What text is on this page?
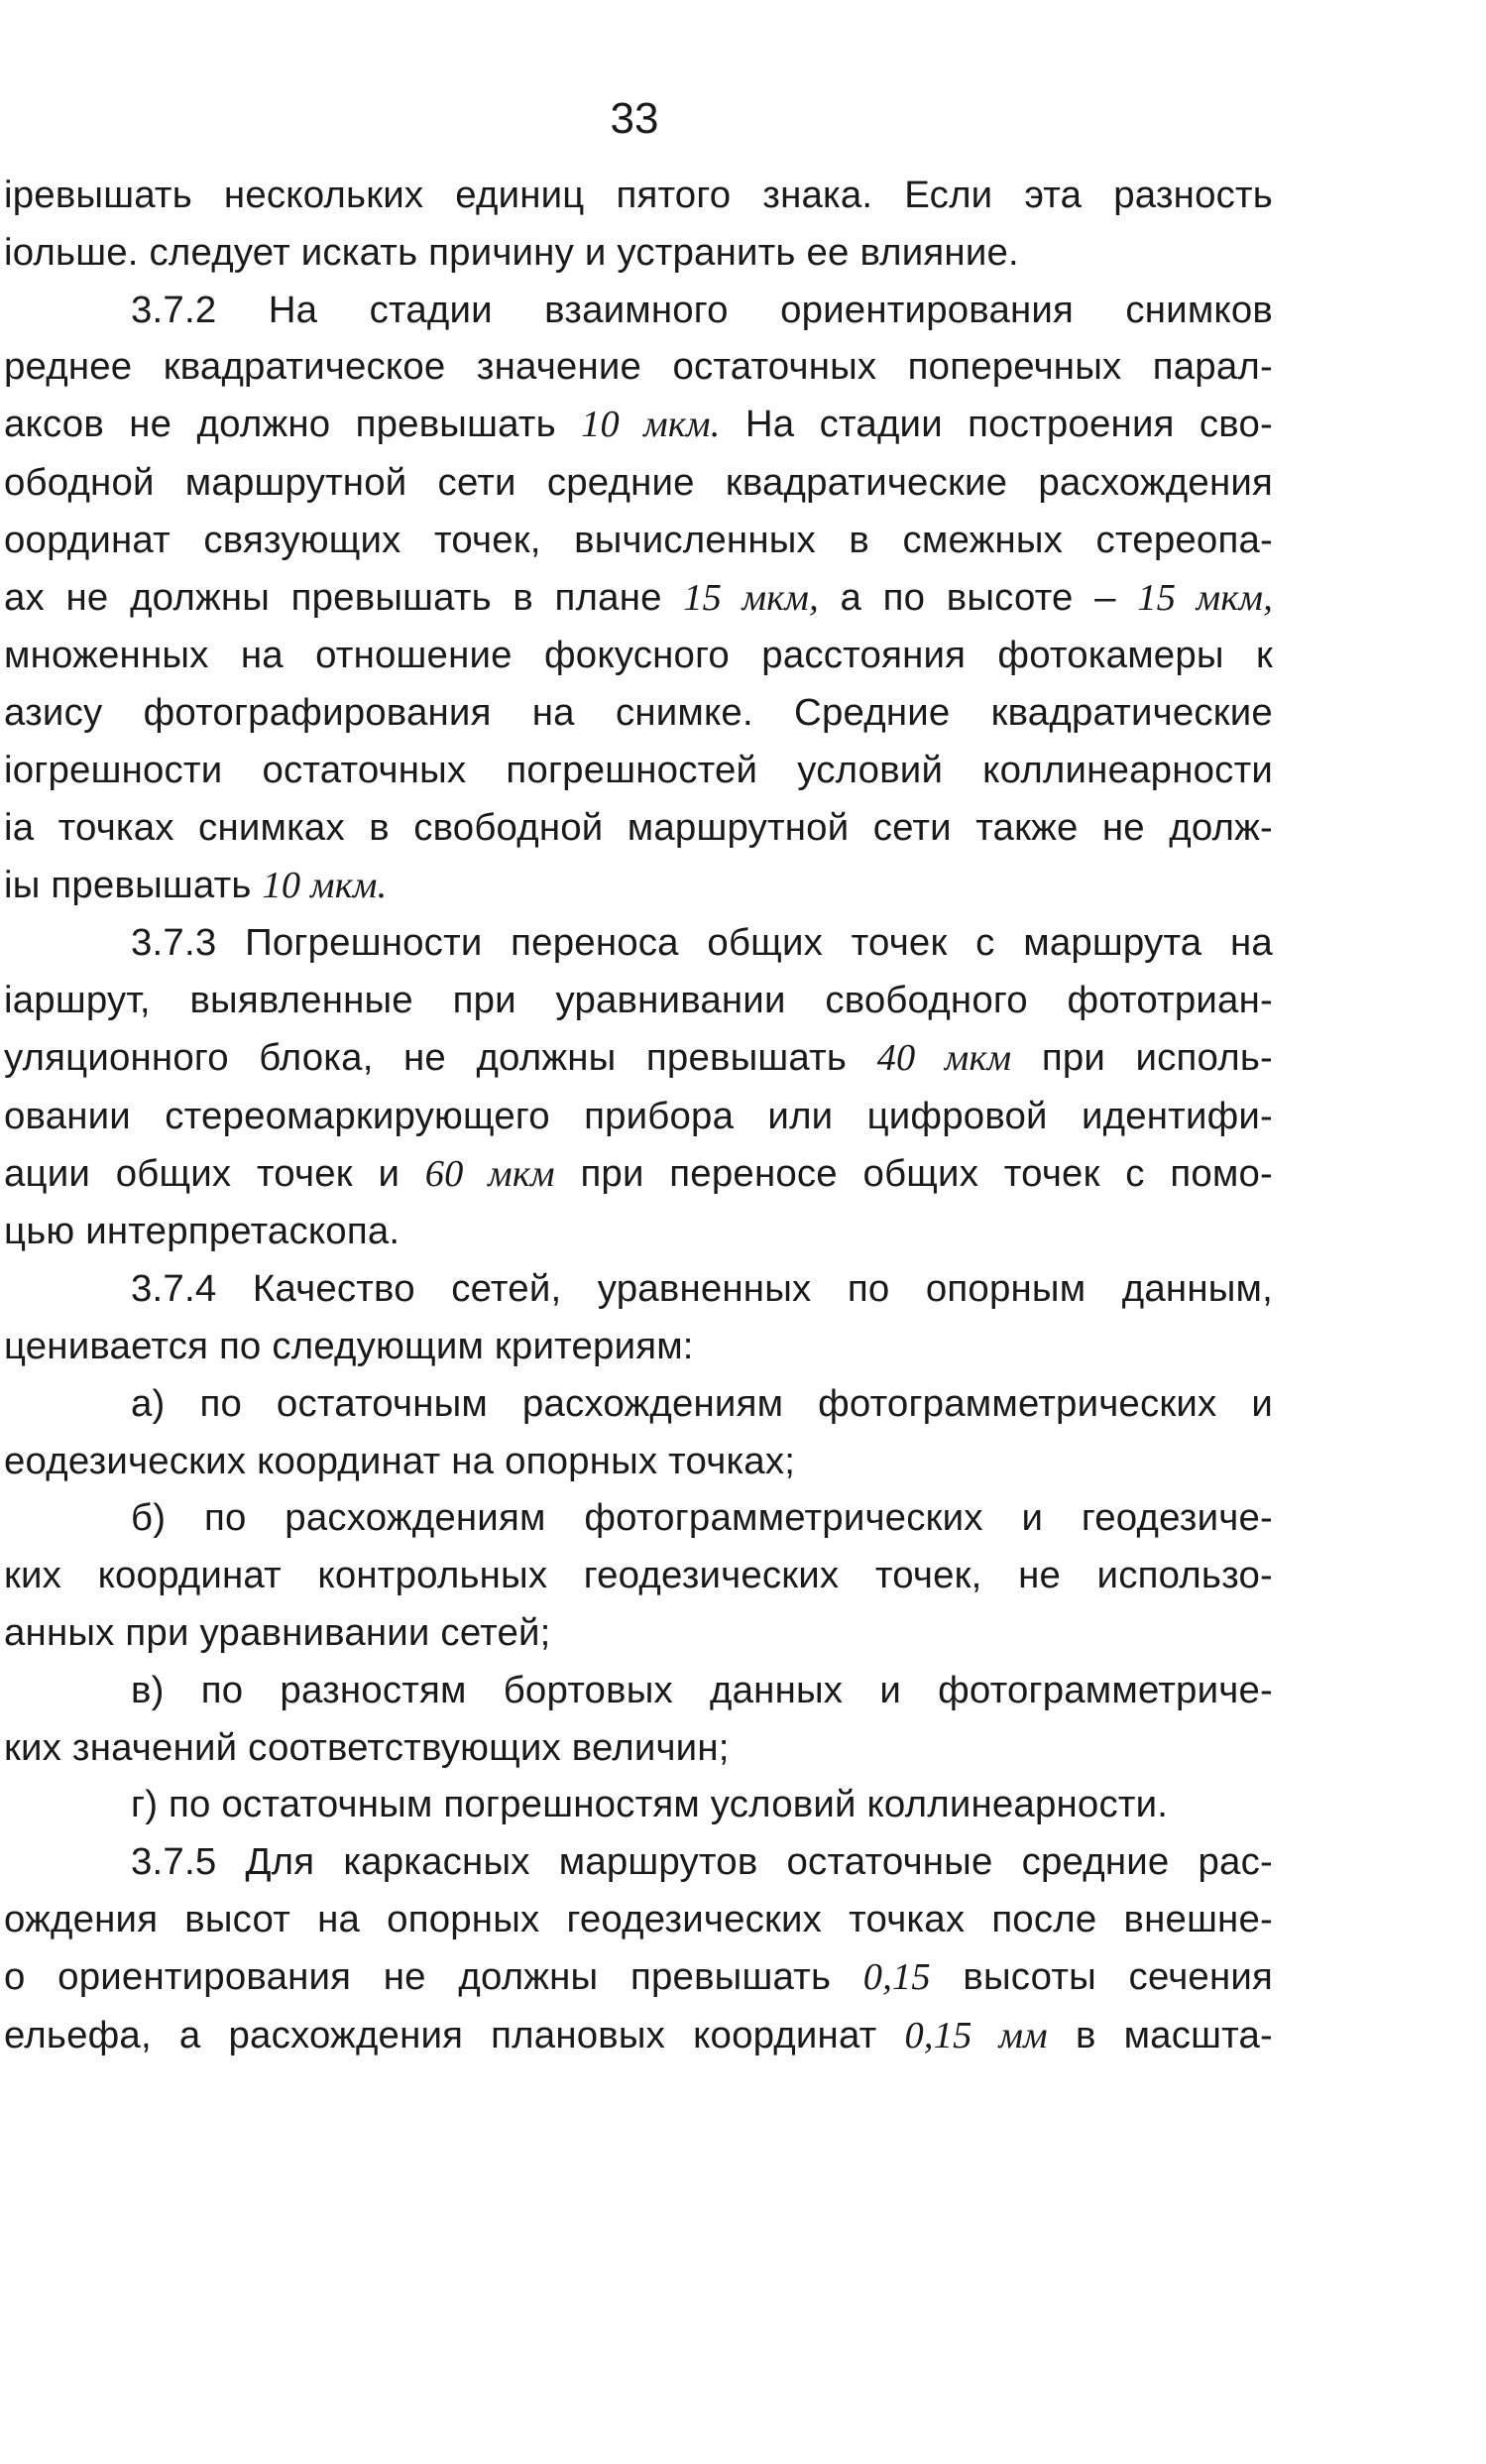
33
іревышать нескольких единиц пятого знака. Если эта разность
іольше. следует искать причину и устранить ее влияние.
3.7.2 На стадии взаимного ориентирования снимков
реднее квадратическое значение остаточных поперечных парал-
аксов не должно превышать 10 мкм. На стадии построения сво-
ободной маршрутной сети средние квадратические расхождения
оординат связующих точек, вычисленных в смежных стереопа-
ах не должны превышать в плане 15 мкм, а по высоте – 15 мкм,
множенных на отношение фокусного расстояния фотокамеры к
азису фотографирования на снимке. Средние квадратические
іогрешности остаточных погрешностей условий коллинеарности
іа точках снимках в свободной маршрутной сети также не долж-
іы превышать 10 мкм.
3.7.3 Погрешности переноса общих точек с маршрута на
іаршрут, выявленные при уравнивании свободного фототриан-
уляционного блока, не должны превышать 40 мкм при исполь-
овании стереомаркирующего прибора или цифровой идентифи-
ации общих точек и 60 мкм при переносе общих точек с помо-
цью интерпретаскопа.
3.7.4 Качество сетей, уравненных по опорным данным,
ценивается по следующим критериям:
а) по остаточным расхождениям фотограмметрических и
еодезических координат на опорных точках;
б) по расхождениям фотограмметрических и геодезиче-
ких координат контрольных геодезических точек, не использо-
анных при уравнивании сетей;
в) по разностям бортовых данных и фотограмметриче-
ких значений соответствующих величин;
г) по остаточным погрешностям условий коллинеарности.
3.7.5 Для каркасных маршрутов остаточные средние рас-
ождения высот на опорных геодезических точках после внешне-
о ориентирования не должны превышать 0,15 высоты сечения
ельефа, а расхождения плановых координат 0,15 мм в масшта-
